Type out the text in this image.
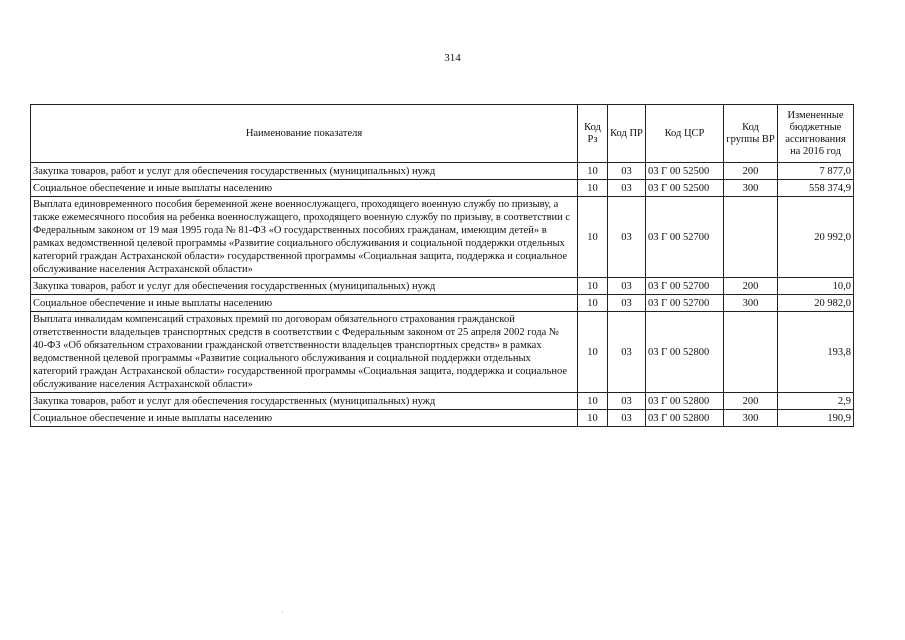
314
Наименование показателя	Код Рз	Код ПР	Код ЦСР	Код группы ВР	Измененные бюджетные ассигнования на 2016 год
Закупка товаров, работ и услуг для обеспечения государственных (муниципальных) нужд	10	03	03 Г 00 52500	200	7 877,0
Социальное обеспечение и иные выплаты населению	10	03	03 Г 00 52500	300	558 374,9
Выплата единовременного пособия беременной жене военнослужащего, проходящего военную службу по призыву, а также ежемесячного пособия на ребенка военнослужащего, проходящего военную службу по призыву, в соответствии с Федеральным законом от 19 мая 1995 года № 81-ФЗ «О государственных пособиях гражданам, имеющим детей» в рамках ведомственной целевой программы «Развитие социального обслуживания и социальной поддержки отдельных категорий граждан Астраханской области» государственной программы «Социальная защита, поддержка и социальное обслуживание населения Астраханской области»	10	03	03 Г 00 52700		20 992,0
Закупка товаров, работ и услуг для обеспечения государственных (муниципальных) нужд	10	03	03 Г 00 52700	200	10,0
Социальное обеспечение и иные выплаты населению	10	03	03 Г 00 52700	300	20 982,0
Выплата инвалидам компенсаций страховых премий по договорам обязательного страхования гражданской ответственности владельцев транспортных средств в соответствии с Федеральным законом от 25 апреля 2002 года № 40-ФЗ «Об обязательном страховании гражданской ответственности владельцев транспортных средств» в рамках ведомственной целевой программы «Развитие социального обслуживания и социальной поддержки отдельных категорий граждан Астраханской области» государственной программы «Социальная защита, поддержка и социальное обслуживание населения Астраханской области»	10	03	03 Г 00 52800		193,8
Закупка товаров, работ и услуг для обеспечения государственных (муниципальных) нужд	10	03	03 Г 00 52800	200	2,9
Социальное обеспечение и иные выплаты населению	10	03	03 Г 00 52800	300	190,9
